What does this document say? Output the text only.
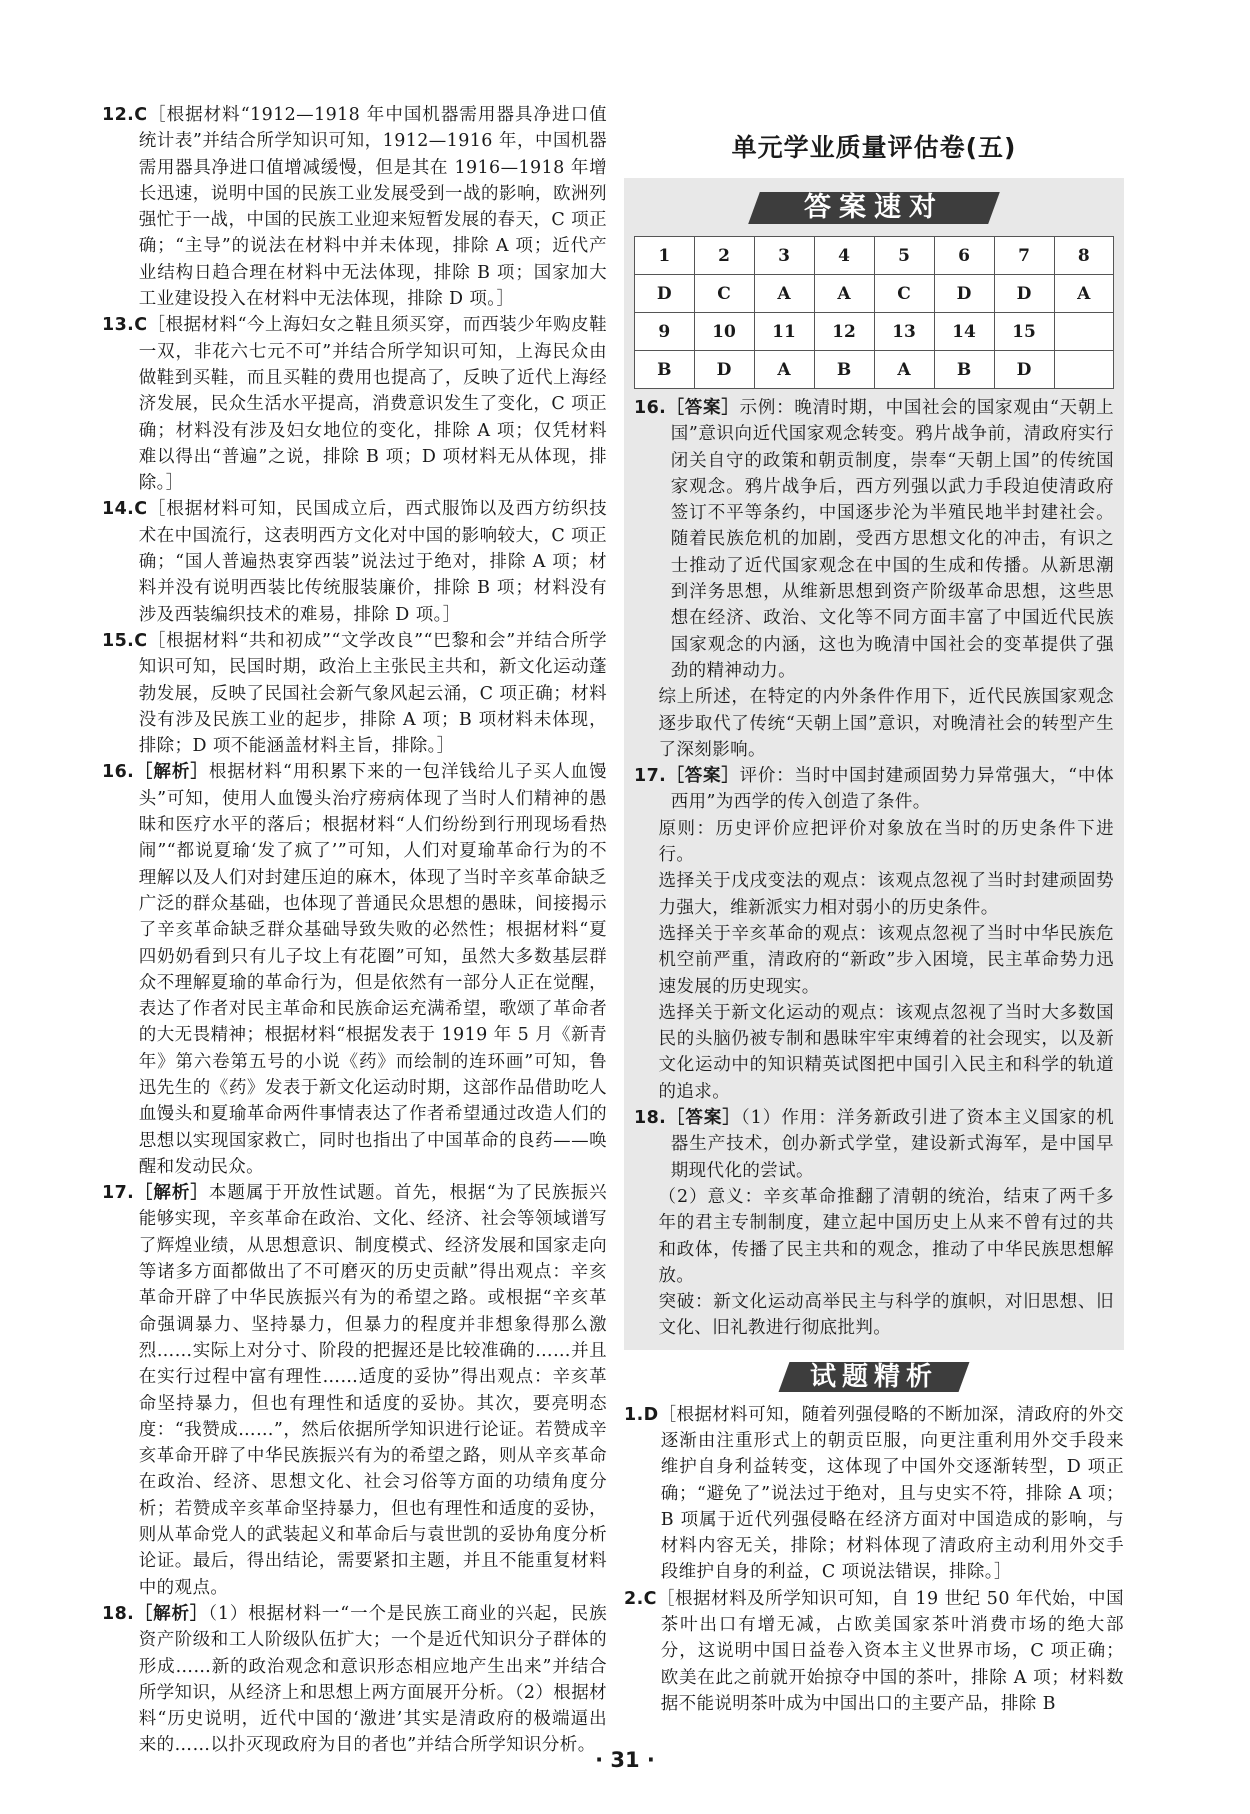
12.C［根据材料“1912—1918 年中国机器需用器具净进口值统计表”并结合所学知识可知，1912—1916 年，中国机器需用器具净进口值增减缓慢，但是其在 1916—1918 年增长迅速，说明中国的民族工业发展受到一战的影响，欧洲列强忙于一战，中国的民族工业迎来短暂发展的春天，C 项正确；“主导”的说法在材料中并未体现，排除 A 项；近代产业结构日趋合理在材料中无法体现，排除 B 项；国家加大工业建设投入在材料中无法体现，排除 D 项。］

13.C［根据材料“今上海妇女之鞋且须买穿，而西装少年购皮鞋一双，非花六七元不可”并结合所学知识可知，上海民众由做鞋到买鞋，而且买鞋的费用也提高了，反映了近代上海经济发展，民众生活水平提高，消费意识发生了变化，C 项正确；材料没有涉及妇女地位的变化，排除 A 项；仅凭材料难以得出“普遍”之说，排除 B 项；D 项材料无从体现，排除。］

14.C［根据材料可知，民国成立后，西式服饰以及西方纺织技术在中国流行，这表明西方文化对中国的影响较大，C 项正确；“国人普遍热衷穿西装”说法过于绝对，排除 A 项；材料并没有说明西装比传统服装廉价，排除 B 项；材料没有涉及西装编织技术的难易，排除 D 项。］

15.C［根据材料“共和初成”“文学改良”“巴黎和会”并结合所学知识可知，民国时期，政治上主张民主共和，新文化运动蓬勃发展，反映了民国社会新气象风起云涌，C 项正确；材料没有涉及民族工业的起步，排除 A 项；B 项材料未体现，排除；D 项不能涵盖材料主旨，排除。］

16.［解析］根据材料“用积累下来的一包洋钱给儿子买人血馒头”可知，使用人血馒头治疗痨病体现了当时人们精神的愚昧和医疗水平的落后；根据材料“人们纷纷到行刑现场看热闹”“都说夏瑜‘发了疯了’”可知，人们对夏瑜革命行为的不理解以及人们对封建压迫的麻木，体现了当时辛亥革命缺乏广泛的群众基础，也体现了普通民众思想的愚昧，间接揭示了辛亥革命缺乏群众基础导致失败的必然性；根据材料“夏四奶奶看到只有儿子坟上有花圈”可知，虽然大多数基层群众不理解夏瑜的革命行为，但是依然有一部分人正在觉醒，表达了作者对民主革命和民族命运充满希望，歌颂了革命者的大无畏精神；根据材料“根据发表于 1919 年 5 月《新青年》第六卷第五号的小说《药》而绘制的连环画”可知，鲁迅先生的《药》发表于新文化运动时期，这部作品借助吃人血馒头和夏瑜革命两件事情表达了作者希望通过改造人们的思想以实现国家救亡，同时也指出了中国革命的良药——唤醒和发动民众。

17.［解析］本题属于开放性试题。首先，根据“为了民族振兴能够实现，辛亥革命在政治、文化、经济、社会等领域谱写了辉煌业绩，从思想意识、制度模式、经济发展和国家走向等诸多方面都做出了不可磨灭的历史贡献”得出观点：辛亥革命开辟了中华民族振兴有为的希望之路。或根据“辛亥革命强调暴力、坚持暴力，但暴力的程度并非想象得那么激烈……实际上对分寸、阶段的把握还是比较准确的……并且在实行过程中富有理性……适度的妥协”得出观点：辛亥革命坚持暴力，但也有理性和适度的妥协。其次，要亮明态度：“我赞成……”，然后依据所学知识进行论证。若赞成辛亥革命开辟了中华民族振兴有为的希望之路，则从辛亥革命在政治、经济、思想文化、社会习俗等方面的功绩角度分析；若赞成辛亥革命坚持暴力，但也有理性和适度的妥协，则从革命党人的武装起义和革命后与袁世凯的妥协角度分析论证。最后，得出结论，需要紧扣主题，并且不能重复材料中的观点。

18.［解析］（1）根据材料一“一个是民族工商业的兴起，民族资产阶级和工人阶级队伍扩大；一个是近代知识分子群体的形成……新的政治观念和意识形态相应地产生出来”并结合所学知识，从经济上和思想上两方面展开分析。（2）根据材料“历史说明，近代中国的‘激进’其实是清政府的极端逼出来的……以扑灭现政府为目的者也”并结合所学知识分析。

单元学业质量评估卷(五)
答案速对
1	2	3	4	5	6	7	8
D	C	A	A	C	D	D	A
9	10	11	12	13	14	15	
B	D	A	B	A	B	D	

16.［答案］示例：晚清时期，中国社会的国家观由“天朝上国”意识向近代国家观念转变。鸦片战争前，清政府实行闭关自守的政策和朝贡制度，崇奉“天朝上国”的传统国家观念。鸦片战争后，西方列强以武力手段迫使清政府签订不平等条约，中国逐步沦为半殖民地半封建社会。随着民族危机的加剧，受西方思想文化的冲击，有识之士推动了近代国家观念在中国的生成和传播。从新思潮到洋务思想，从维新思想到资产阶级革命思想，这些思想在经济、政治、文化等不同方面丰富了中国近代民族国家观念的内涵，这也为晚清中国社会的变革提供了强劲的精神动力。

综上所述，在特定的内外条件作用下，近代民族国家观念逐步取代了传统“天朝上国”意识，对晚清社会的转型产生了深刻影响。

17.［答案］评价：当时中国封建顽固势力异常强大，“中体西用”为西学的传入创造了条件。

原则：历史评价应把评价对象放在当时的历史条件下进行。

选择关于戊戌变法的观点：该观点忽视了当时封建顽固势力强大，维新派实力相对弱小的历史条件。

选择关于辛亥革命的观点：该观点忽视了当时中华民族危机空前严重，清政府的“新政”步入困境，民主革命势力迅速发展的历史现实。

选择关于新文化运动的观点：该观点忽视了当时大多数国民的头脑仍被专制和愚昧牢牢束缚着的社会现实，以及新文化运动中的知识精英试图把中国引入民主和科学的轨道的追求。

18.［答案］（1）作用：洋务新政引进了资本主义国家的机器生产技术，创办新式学堂，建设新式海军，是中国早期现代化的尝试。

（2）意义：辛亥革命推翻了清朝的统治，结束了两千多年的君主专制制度，建立起中国历史上从来不曾有过的共和政体，传播了民主共和的观念，推动了中华民族思想解放。

突破：新文化运动高举民主与科学的旗帜，对旧思想、旧文化、旧礼教进行彻底批判。

试题精析

1.D［根据材料可知，随着列强侵略的不断加深，清政府的外交逐渐由注重形式上的朝贡臣服，向更注重利用外交手段来维护自身利益转变，这体现了中国外交逐渐转型，D 项正确；“避免了”说法过于绝对，且与史实不符，排除 A 项；B 项属于近代列强侵略在经济方面对中国造成的影响，与材料内容无关，排除；材料体现了清政府主动利用外交手段维护自身的利益，C 项说法错误，排除。］

2.C［根据材料及所学知识可知，自 19 世纪 50 年代始，中国茶叶出口有增无减，占欧美国家茶叶消费市场的绝大部分，这说明中国日益卷入资本主义世界市场，C 项正确；欧美在此之前就开始掠夺中国的茶叶，排除 A 项；材料数据不能说明茶叶成为中国出口的主要产品，排除 B

· 31 ·
